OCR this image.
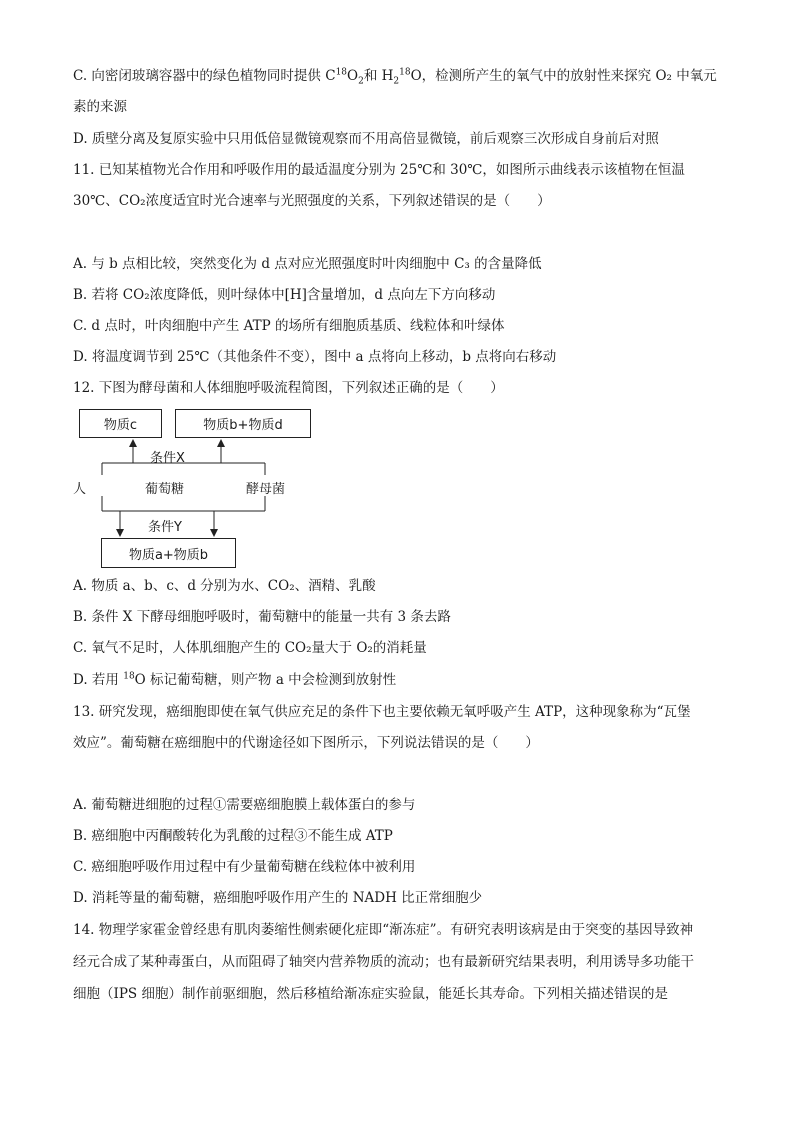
C. 向密闭玻璃容器中的绿色植物同时提供 $C^{18}O_2$和 $H_2^{18}O$，检测所产生的氧气中的放射性来探究 O₂ 中氧元
素的来源
D. 质壁分离及复原实验中只用低倍显微镜观察而不用高倍显微镜，前后观察三次形成自身前后对照
11. 已知某植物光合作用和呼吸作用的最适温度分别为 25℃和 30℃，如图所示曲线表示该植物在恒温
30℃、CO₂浓度适宜时光合速率与光照强度的关系，下列叙述错误的是（　　）
A. 与 b 点相比较，突然变化为 d 点对应光照强度时叶肉细胞中 C₃ 的含量降低
B. 若将 CO₂浓度降低，则叶绿体中[H]含量增加，d 点向左下方向移动
C. d 点时，叶肉细胞中产生 ATP 的场所有细胞质基质、线粒体和叶绿体
D. 将温度调节到 25℃（其他条件不变），图中 a 点将向上移动，b 点将向右移动
12. 下图为酵母菌和人体细胞呼吸流程简图，下列叙述正确的是（　　）
物质c	物质b+物质d
条件X
人	葡萄糖	酵母菌
条件Y
物质a+物质b
A. 物质 a、b、c、d 分别为水、CO₂、酒精、乳酸
B. 条件 X 下酵母细胞呼吸时，葡萄糖中的能量一共有 3 条去路
C. 氧气不足时，人体肌细胞产生的 CO₂量大于 O₂的消耗量
D. 若用 $^{18}$O 标记葡萄糖，则产物 a 中会检测到放射性
13. 研究发现，癌细胞即使在氧气供应充足的条件下也主要依赖无氧呼吸产生 ATP，这种现象称为“瓦堡
效应”。葡萄糖在癌细胞中的代谢途径如下图所示，下列说法错误的是（　　）
A. 葡萄糖进细胞的过程①需要癌细胞膜上载体蛋白的参与
B. 癌细胞中丙酮酸转化为乳酸的过程③不能生成 ATP
C. 癌细胞呼吸作用过程中有少量葡萄糖在线粒体中被利用
D. 消耗等量的葡萄糖，癌细胞呼吸作用产生的 NADH 比正常细胞少
14. 物理学家霍金曾经患有肌肉萎缩性侧索硬化症即“渐冻症”。有研究表明该病是由于突变的基因导致神
经元合成了某种毒蛋白，从而阻碍了轴突内营养物质的流动；也有最新研究结果表明，利用诱导多功能干
细胞（IPS 细胞）制作前驱细胞，然后移植给渐冻症实验鼠，能延长其寿命。下列相关描述错误的是
